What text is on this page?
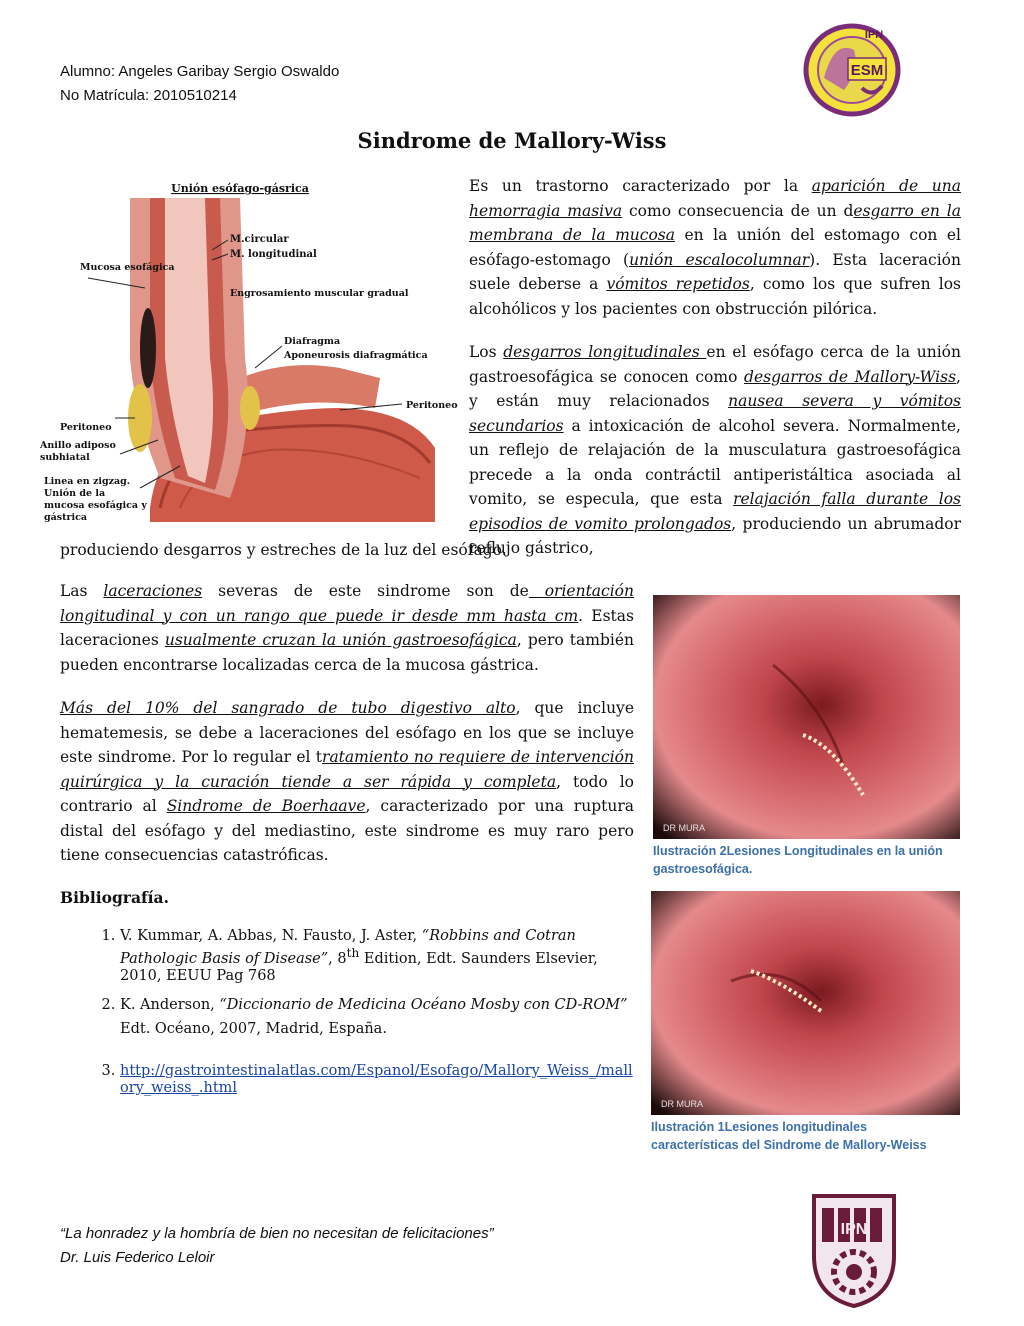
Alumno: Angeles Garibay Sergio Oswaldo
No Matrícula: 2010510214
ESM
IPN
Sindrome de Mallory-Wiss
Unión esófago-gásrica
M.circular
M. longitudinal
Mucosa esofágica
Engrosamiento muscular gradual
Diafragma
Aponeurosis diafragmática
Peritoneo
Peritoneo
Anillo adiposo subhiatal
Linea en zigzag. Unión de la mucosa esofágica y gástrica
Es un trastorno caracterizado por la aparición de una hemorragia masiva como consecuencia de un desgarro en la membrana de la mucosa en la unión del estomago con el esófago-estomago (unión escalocolumnar). Esta laceración suele deberse a vómitos repetidos, como los que sufren los alcohólicos y los pacientes con obstrucción pilórica.
Los desgarros longitudinales en el esófago cerca de la unión gastroesofágica se conocen como desgarros de Mallory-Wiss, y están muy relacionados nausea severa y vómitos secundarios a intoxicación de alcohol severa. Normalmente, un reflejo de relajación de la musculatura gastroesofágica precede a la onda contráctil antiperistáltica asociada al vomito, se especula, que esta relajación falla durante los episodios de vomito prolongados, produciendo un abrumador reflujo gástrico,
produciendo desgarros y estreches de la luz del esófago.
Las laceraciones severas de este sindrome son de orientación longitudinal y con un rango que puede ir desde mm hasta cm. Estas laceraciones usualmente cruzan la unión gastroesofágica, pero también pueden encontrarse localizadas cerca de la mucosa gástrica.
Más del 10% del sangrado de tubo digestivo alto, que incluye hematemesis, se debe a laceraciones del esófago en los que se incluye este sindrome. Por lo regular el tratamiento no requiere de intervención quirúrgica y la curación tiende a ser rápida y completa, todo lo contrario al Sindrome de Boerhaave, caracterizado por una ruptura distal del esófago y del mediastino, este sindrome es muy raro pero tiene consecuencias catastróficas.
DR MURA
Ilustración 2Lesiones Longitudinales en la unión gastroesofágica.
DR MURA
Ilustración 1Lesiones longitudinales características del Sindrome de Mallory-Weiss
Bibliografía.
1. V. Kummar, A. Abbas, N. Fausto, J. Aster, “Robbins and Cotran Pathologic Basis of Disease”, 8th Edition, Edt. Saunders Elsevier, 2010, EEUU Pag 768
2. K. Anderson, “Diccionario de Medicina Océano Mosby con CD-ROM” Edt. Océano, 2007, Madrid, España.
3. http://gastrointestinalatlas.com/Espanol/Esofago/Mallory_Weiss_/mallory_weiss_.html
“La honradez y la hombría de bien no necesitan de felicitaciones”
Dr. Luis Federico Leloir
IPN
